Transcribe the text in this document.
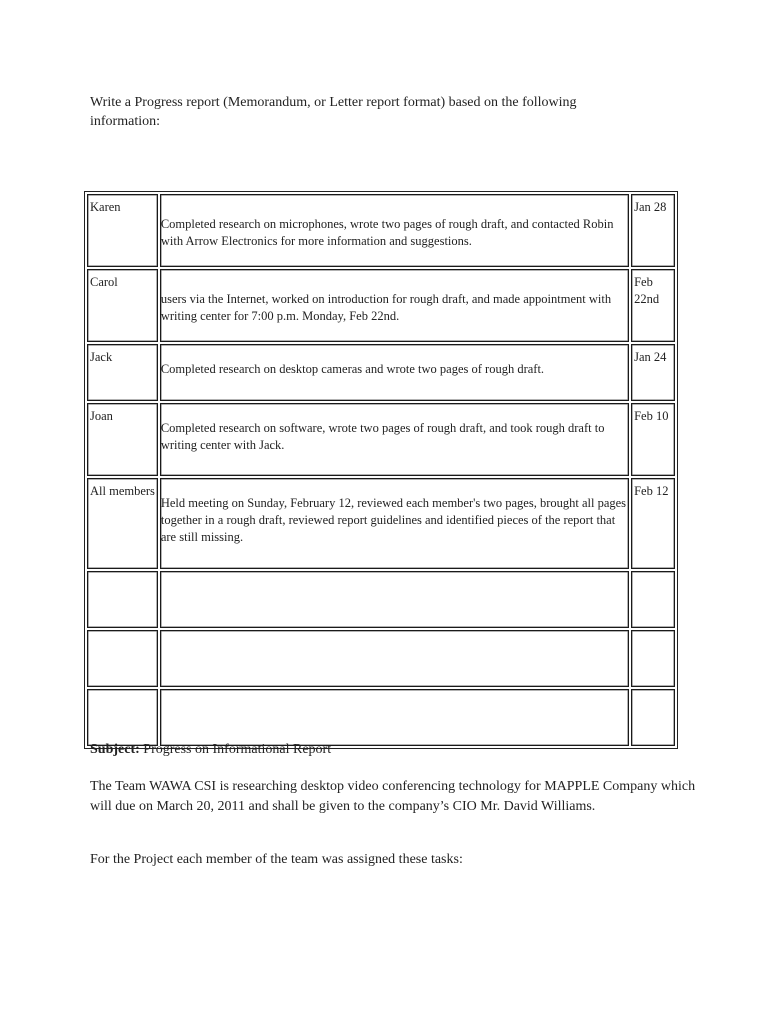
Write a Progress report (Memorandum, or Letter report format) based on the following
information:
Karen	Completed research on microphones, wrote two pages of rough draft, and contacted Robin with Arrow Electronics for more information and suggestions.	Jan 28
Carol	users via the Internet, worked on introduction for rough draft, and made appointment with writing center for 7:00 p.m. Monday, Feb 22nd.	Feb 22nd
Jack	Completed research on desktop cameras and wrote two pages of rough draft.	Jan 24
Joan	Completed research on software, wrote two pages of rough draft, and took rough draft to writing center with Jack.	Feb 10

All members	Held meeting on Sunday, February 12, reviewed each member's two pages, brought all pages together in a rough draft, reviewed report guidelines and identified pieces of the report that are still missing.	Feb 12

Subject: Progress on Informational Report
The Team WAWA CSI is researching desktop video conferencing technology for MAPPLE Company which will due on March 20, 2011 and shall be given to the company’s CIO Mr. David Williams.
For the Project each member of the team was assigned these tasks:
